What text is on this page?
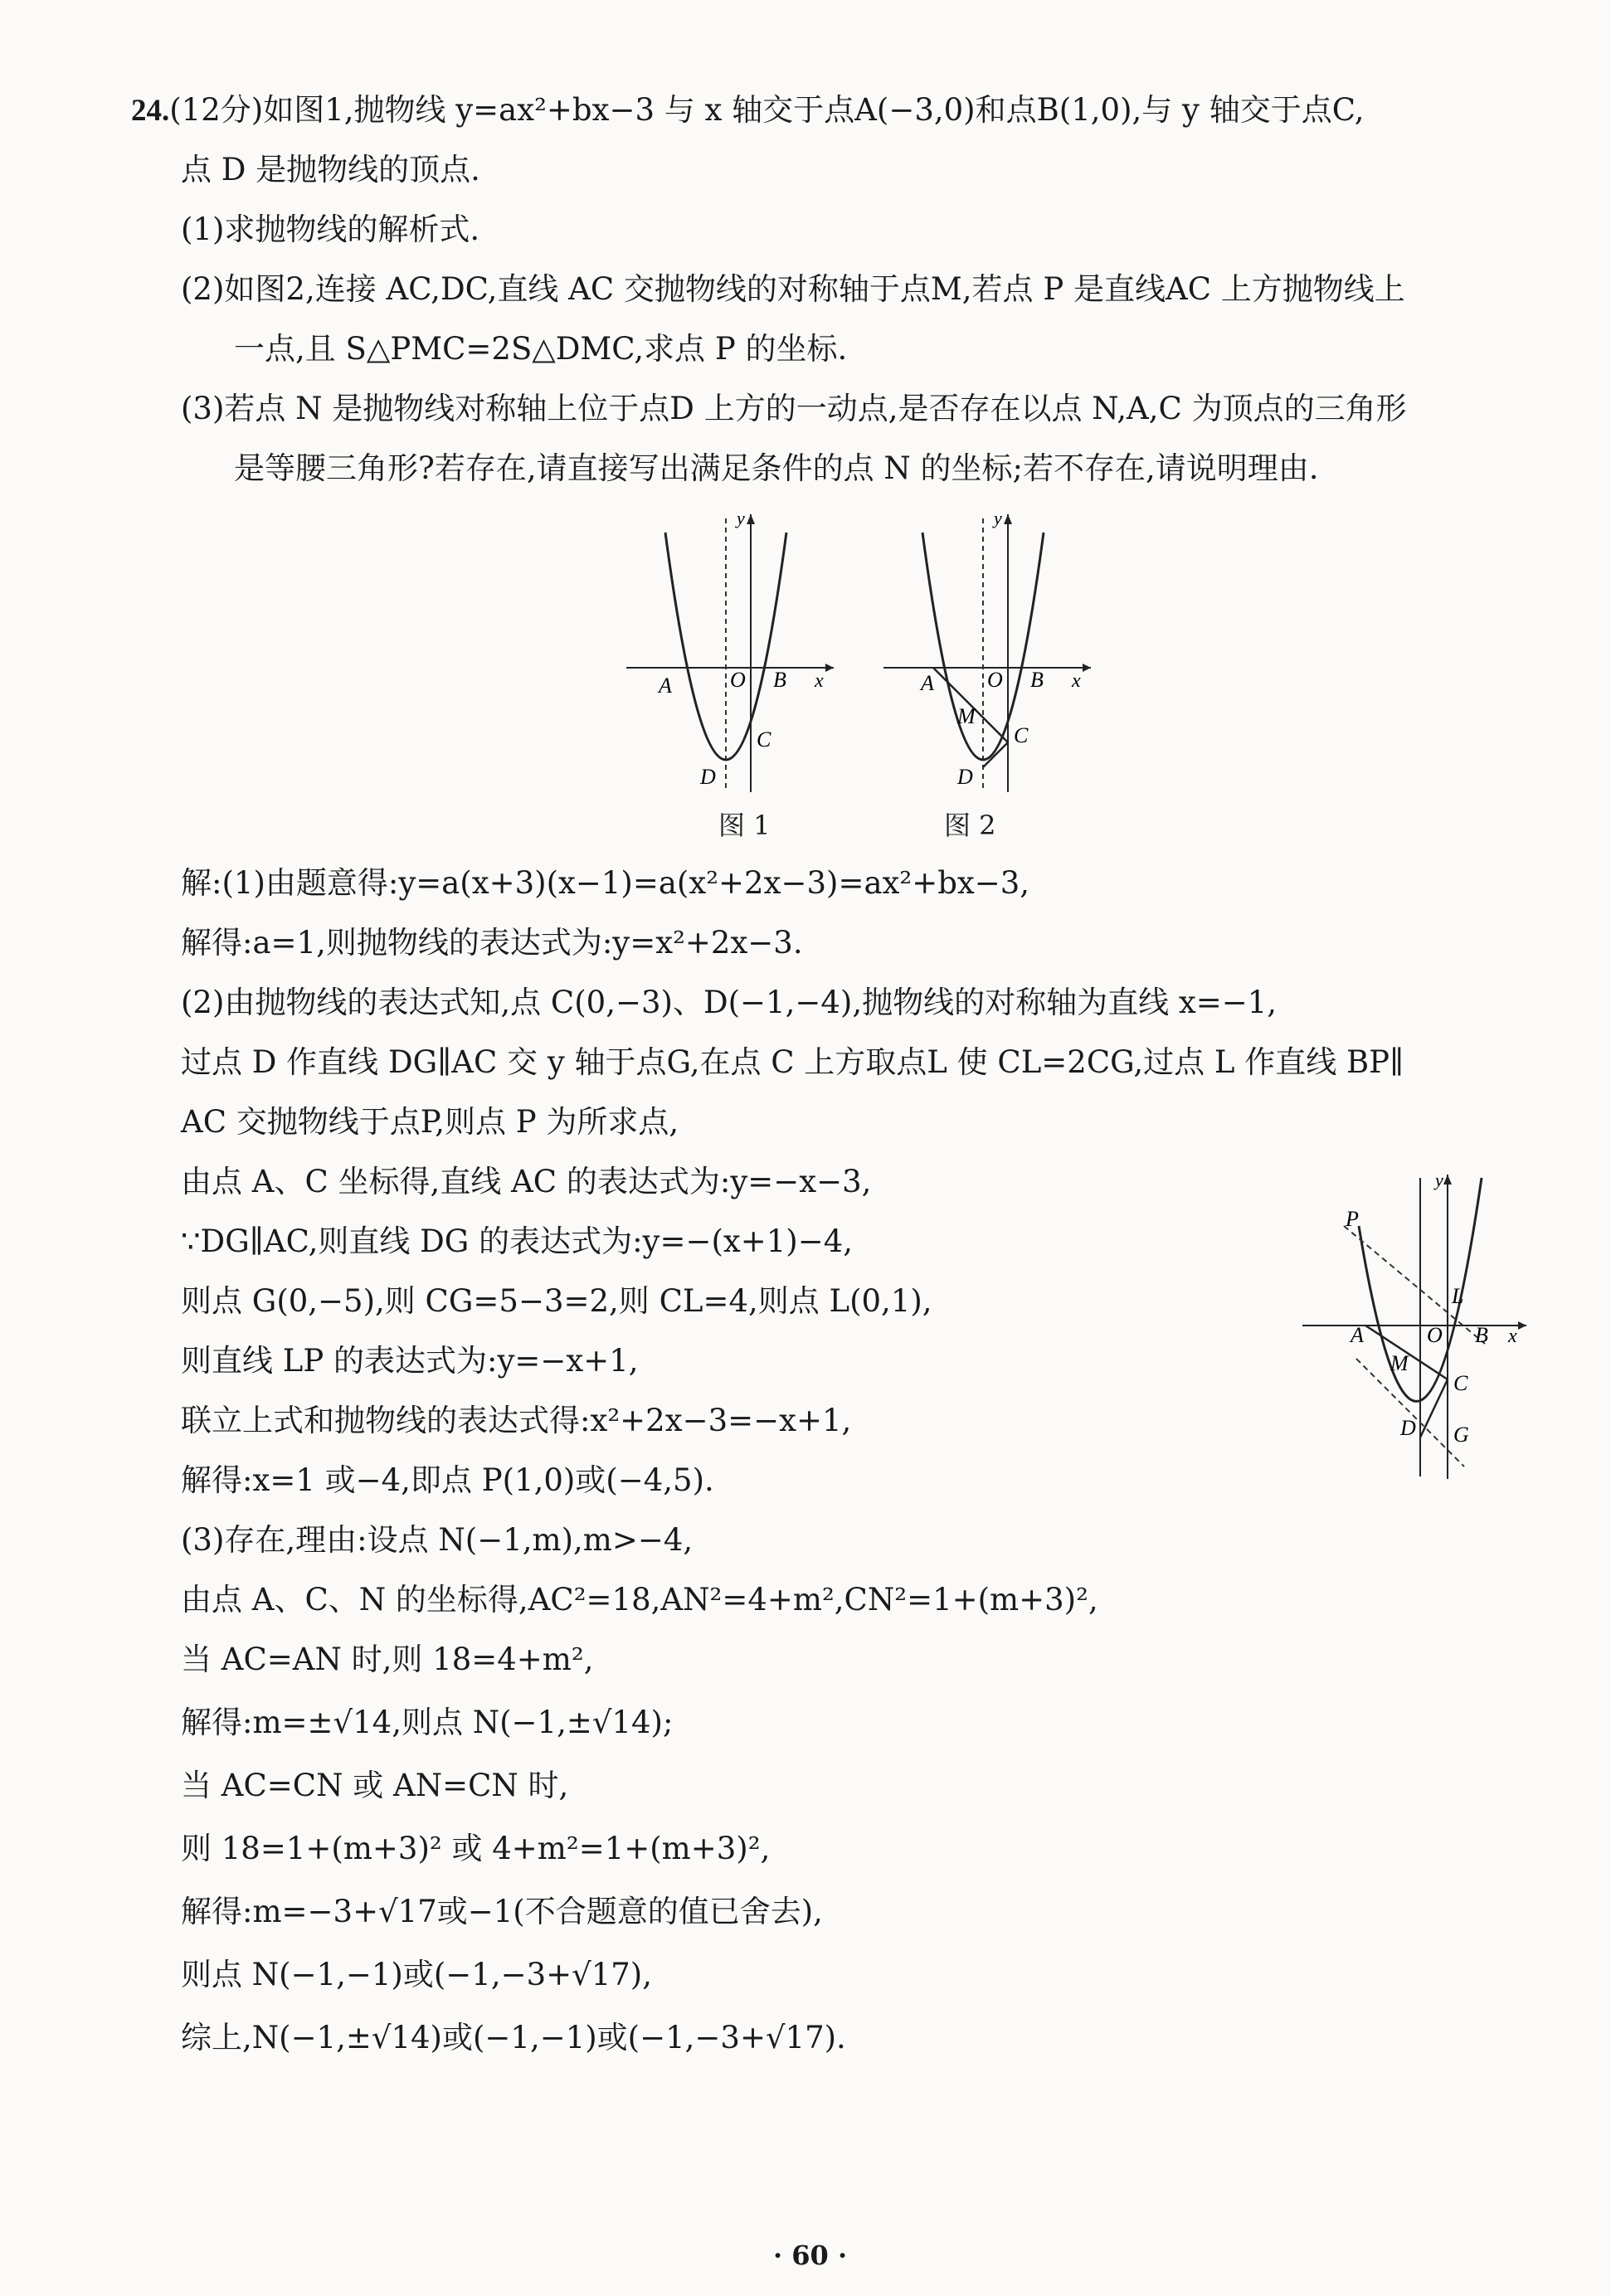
24.(12分)如图1,抛物线 y=ax²+bx−3 与 x 轴交于点A(−3,0)和点B(1,0),与 y 轴交于点C,
点 D 是抛物线的顶点.
(1)求抛物线的解析式.
(2)如图2,连接 AC,DC,直线 AC 交抛物线的对称轴于点M,若点 P 是直线AC 上方抛物线上
一点,且 S△PMC=2S△DMC,求点 P 的坐标.
(3)若点 N 是抛物线对称轴上位于点D 上方的一动点,是否存在以点 N,A,C 为顶点的三角形
是等腰三角形?若存在,请直接写出满足条件的点 N 的坐标;若不存在,请说明理由.
A	O B x
y
C
D
图 1
A O B x
y
M
C
D
图 2
P
L
A	O B x
y
M
C
D G
解:(1)由题意得:y=a(x+3)(x−1)=a(x²+2x−3)=ax²+bx−3,
解得:a=1,则抛物线的表达式为:y=x²+2x−3.
(2)由抛物线的表达式知,点 C(0,−3)、D(−1,−4),抛物线的对称轴为直线 x=−1,
过点 D 作直线 DG∥AC 交 y 轴于点G,在点 C 上方取点L 使 CL=2CG,过点 L 作直线 BP∥
AC 交抛物线于点P,则点 P 为所求点,
由点 A、C 坐标得,直线 AC 的表达式为:y=−x−3,
∵DG∥AC,则直线 DG 的表达式为:y=−(x+1)−4,
则点 G(0,−5),则 CG=5−3=2,则 CL=4,则点 L(0,1),
则直线 LP 的表达式为:y=−x+1,
联立上式和抛物线的表达式得:x²+2x−3=−x+1,
解得:x=1 或−4,即点 P(1,0)或(−4,5).
(3)存在,理由:设点 N(−1,m),m>−4,
由点 A、C、N 的坐标得,AC²=18,AN²=4+m²,CN²=1+(m+3)²,
当 AC=AN 时,则 18=4+m²,
解得:m=±√14,则点 N(−1,±√14);
当 AC=CN 或 AN=CN 时,
则 18=1+(m+3)² 或 4+m²=1+(m+3)²,
解得:m=−3+√17或−1(不合题意的值已舍去),
则点 N(−1,−1)或(−1,−3+√17),
综上,N(−1,±√14)或(−1,−1)或(−1,−3+√17).
· 60 ·
